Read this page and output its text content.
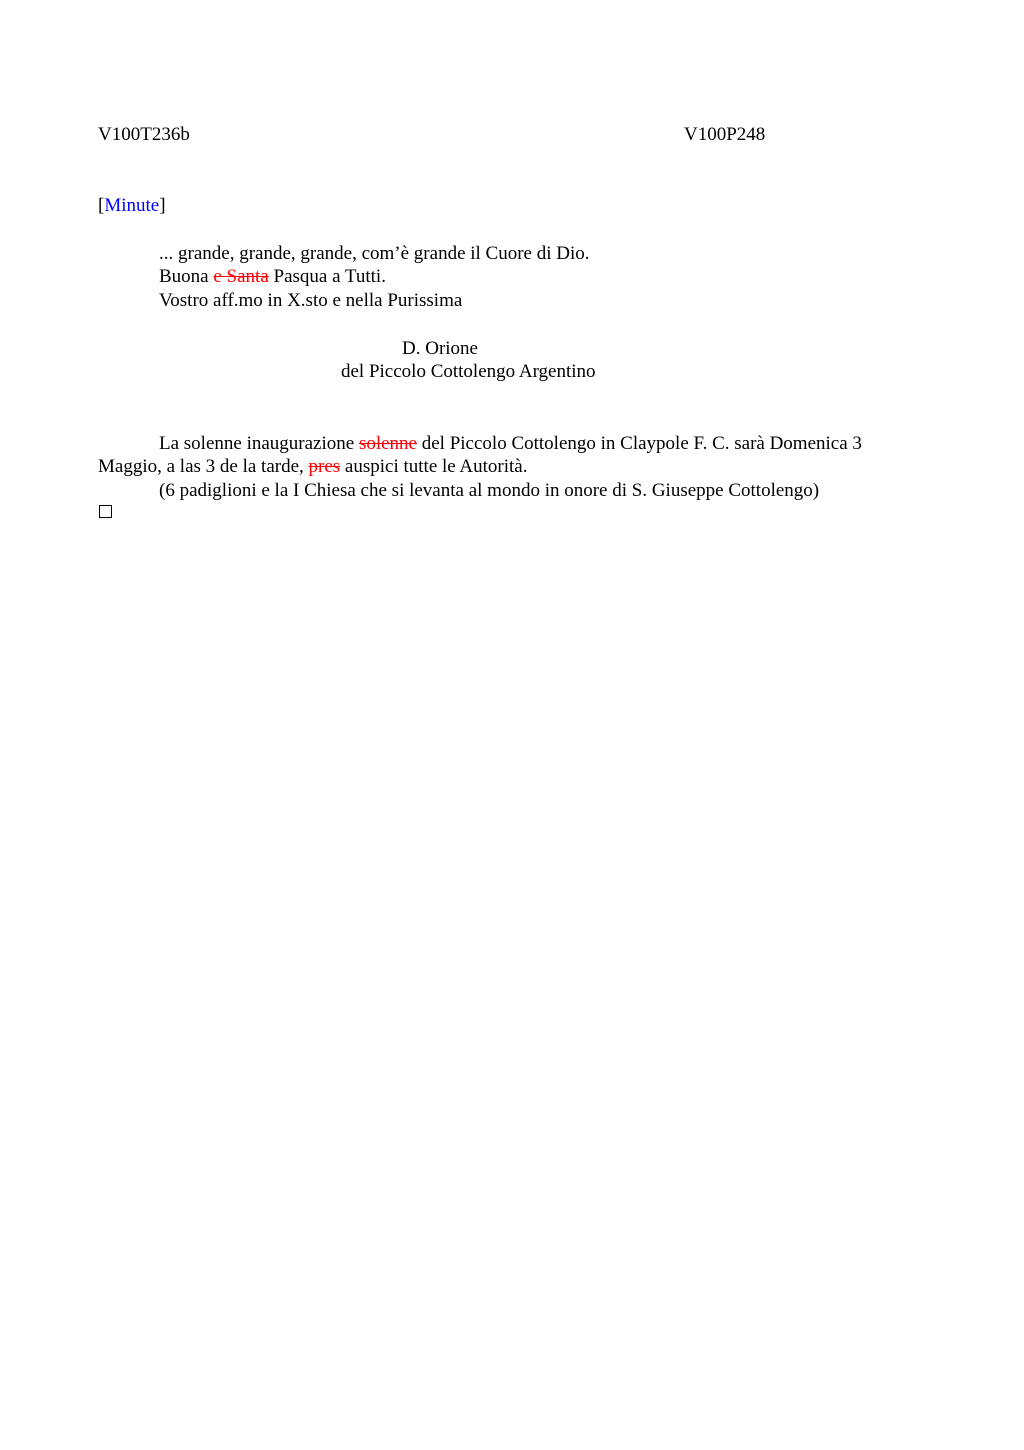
V100T236b	V100P248
[Minute]
... grande, grande, grande, com’è grande il Cuore di Dio.
Buona e Santa Pasqua a Tutti.
Vostro aff.mo in X.sto e nella Purissima
D. Orione
del Piccolo Cottolengo Argentino
La solenne inaugurazione solenne del Piccolo Cottolengo in Claypole F. C. sarà Domenica 3
Maggio, a las 3 de la tarde, pres auspici tutte le Autorità.
(6 padiglioni e la I Chiesa che si levanta al mondo in onore di S. Giuseppe Cottolengo)
